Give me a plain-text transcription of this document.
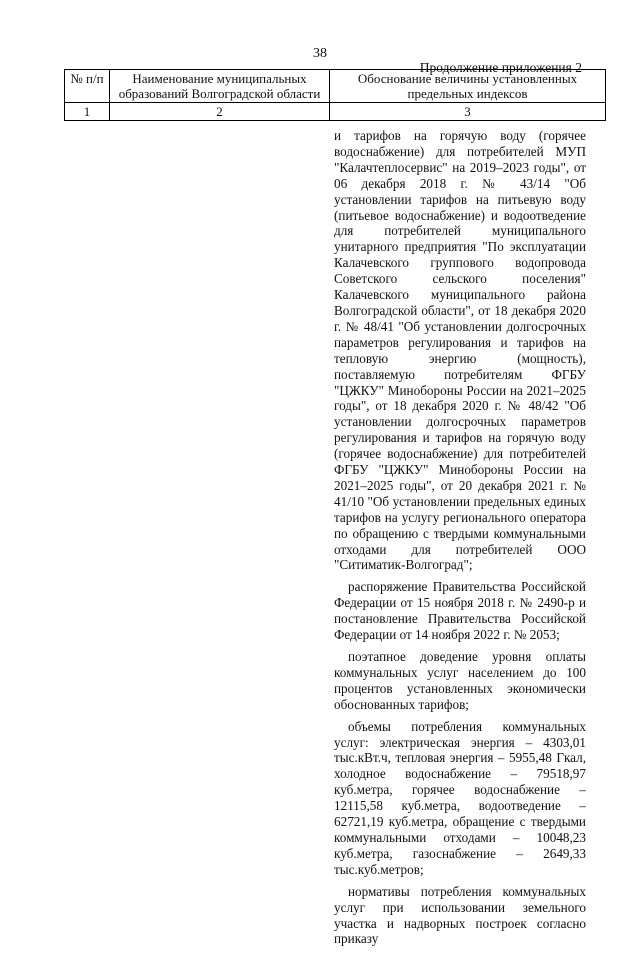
38
Продолжение приложения 2
№ п/п	Наименование муниципальных образований Волгоградской области	Обоснование величины установленных предельных индексов
1	2	3

и тарифов на горячую воду (горячее водоснабжение) для потребителей МУП "Калачтеплосервис" на 2019–2023 годы", от 06 декабря 2018 г. № 43/14 "Об установлении тарифов на питьевую воду (питьевое водоснабжение) и водоотведение для потребителей муниципального унитарного предприятия "По эксплуатации Калачевского группового водопровода Советского сельского поселения" Калачевского муниципального района Волгоградской области", от 18 декабря 2020 г. № 48/41 "Об установлении долгосрочных параметров регулирования и тарифов на тепловую энергию (мощность), поставляемую потребителям ФГБУ "ЦЖКУ" Минобороны России на 2021–2025 годы", от 18 декабря 2020 г. № 48/42 "Об установлении долгосрочных параметров регулирования и тарифов на горячую воду (горячее водоснабжение) для потребителей ФГБУ "ЦЖКУ" Минобороны России на 2021–2025 годы", от 20 декабря 2021 г. № 41/10 "Об установлении предельных единых тарифов на услугу регионального оператора по обращению с твердыми коммунальными отходами для потребителей ООО "Ситиматик-Волгоград";

распоряжение Правительства Российской Федерации от 15 ноября 2018 г. № 2490-р и постановление Правительства Российской Федерации от 14 ноября 2022 г. № 2053;

поэтапное доведение уровня оплаты коммунальных услуг населением до 100 процентов установленных экономически обоснованных тарифов;

объемы потребления коммунальных услуг: электрическая энергия – 4303,01 тыс.кВт.ч, тепловая энергия – 5955,48 Гкал, холодное водоснабжение – 79518,97 куб.метра, горячее водоснабжение – 12115,58 куб.метра, водоотведение – 62721,19 куб.метра, обращение с твердыми коммунальными отходами – 10048,23 куб.метра, газоснабжение – 2649,33 тыс.куб.метров;

нормативы потребления коммунальных услуг при использовании земельного участка и надворных построек согласно приказу
